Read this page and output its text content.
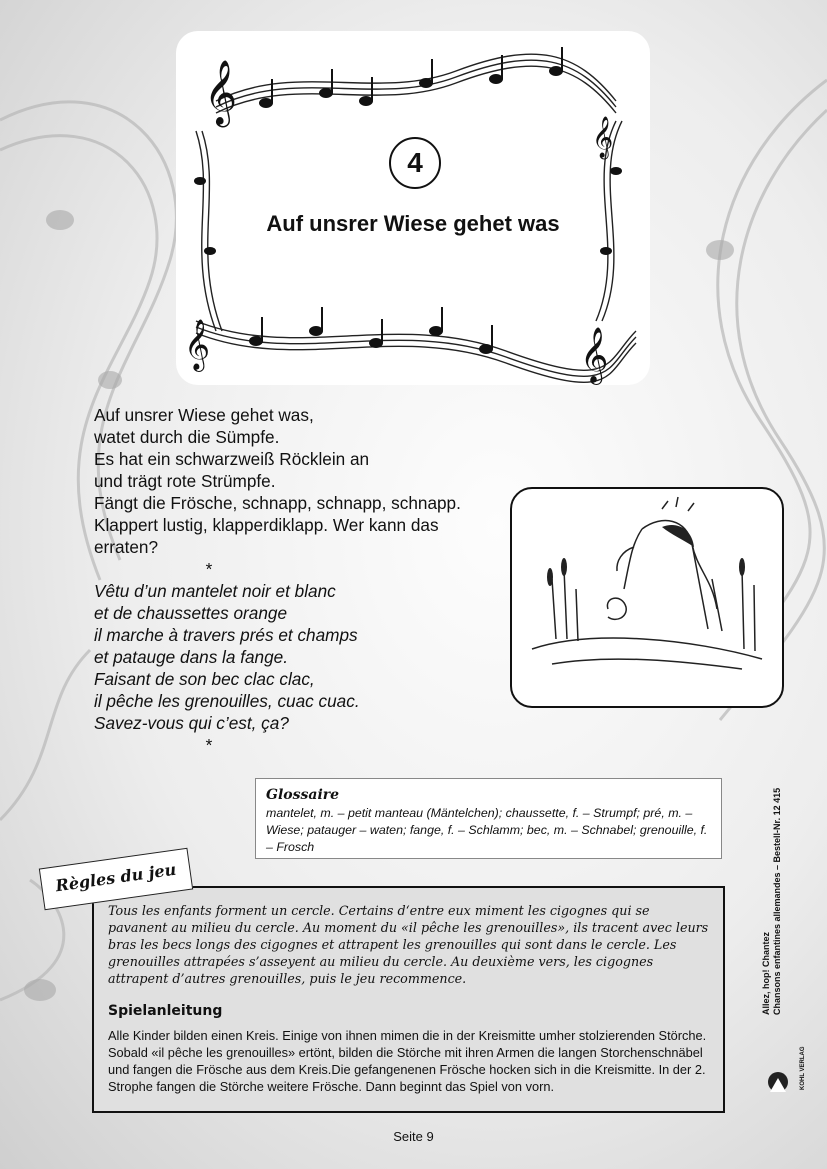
𝄞
𝄞
𝄞
𝄞
4
Auf unsrer Wiese gehet was
Auf unsrer Wiese gehet was,
watet durch die Sümpfe.
Es hat ein schwarzweiß Röcklein an
und trägt rote Strümpfe.
Fängt die Frösche, schnapp, schnapp, schnapp.
Klappert lustig, klapperdiklapp. Wer kann das
erraten?
*
Vêtu d’un mantelet noir et blanc
et de chaussettes orange
il marche à travers prés et champs
et patauge dans la fange.
Faisant de son bec clac clac,
il pêche les grenouilles, cuac cuac.
Savez-vous qui c’est, ça?
*
Glossaire

mantelet, m. – petit manteau (Mäntelchen); chaussette, f. – Strumpf; pré, m. – Wiese; patauger – waten; fange, f. – Schlamm; bec, m. – Schnabel; grenouille, f. – Frosch

Tous les enfants forment un cercle. Certains d‘entre eux miment les cigognes qui se pavanent au milieu du cercle. Au moment du «il pêche les grenouilles», ils tracent avec leurs bras les becs longs des cigognes et attrapent les grenouilles qui sont dans le cercle. Les grenouilles attrapées s’asseyent au milieu du cercle. Au deuxième vers, les cigognes attrapent d’autres grenouilles, puis le jeu recommence.

Spielanleitung

Alle Kinder bilden einen Kreis. Einige von ihnen mimen die in der Kreismitte umher stolzierenden Störche. Sobald «il pêche les grenouilles» ertönt, bilden die Störche mit ihren Armen die langen Storchenschnäbel und fangen die Frösche aus dem Kreis.Die gefangenenen Frösche hocken sich in die Kreismitte. In der 2. Strophe fangen die Störche weitere Frösche. Dann beginnt das Spiel von vorn.

Règles du jeu
Seite 9
Allez, hop! Chantez Chansons enfantines allemandes – Bestell-Nr. 12 415
KOHL VERLAG
